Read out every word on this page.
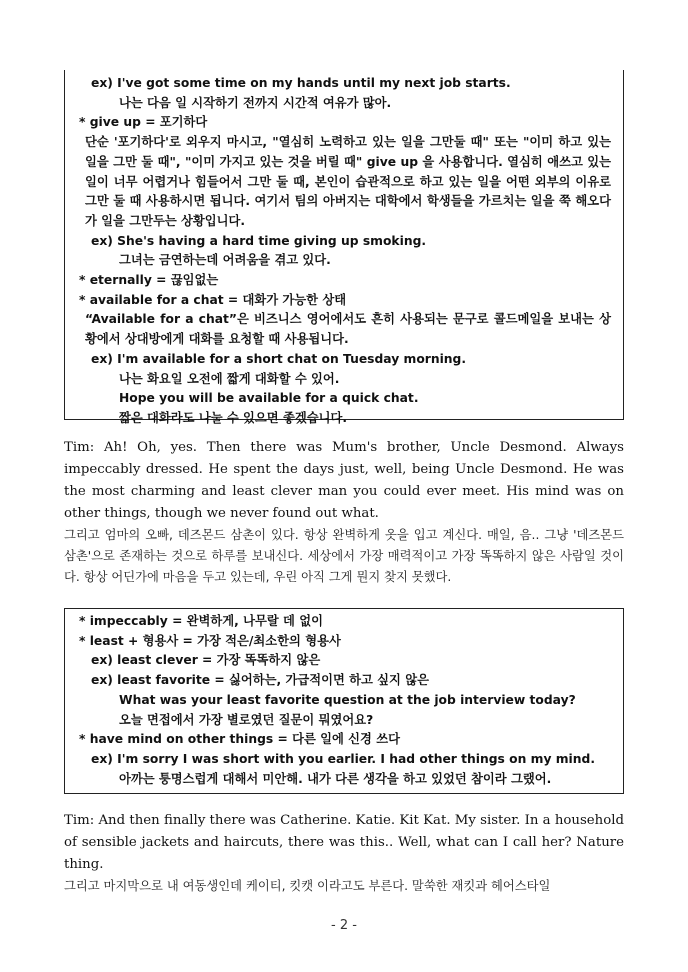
ex) I've got some time on my hands until my next job starts.
나는 다음 일 시작하기 전까지 시간적 여유가 많아.
* give up = 포기하다
단순 '포기하다'로 외우지 마시고, "열심히 노력하고 있는 일을 그만둘 때" 또는 "이미 하고 있는 일을 그만 둘 때", "이미 가지고 있는 것을 버릴 때" give up 을 사용합니다. 열심히 애쓰고 있는 일이 너무 어렵거나 힘들어서 그만 둘 때, 본인이 습관적으로 하고 있는 일을 어떤 외부의 이유로 그만 둘 때 사용하시면 됩니다. 여기서 팀의 아버지는 대학에서 학생들을 가르치는 일을 쭉 해오다가 일을 그만두는 상황입니다.
ex) She's having a hard time giving up smoking.
그녀는 금연하는데 어려움을 겪고 있다.
* eternally = 끊임없는
* available for a chat = 대화가 가능한 상태
“Available for a chat”은 비즈니스 영어에서도 흔히 사용되는 문구로 콜드메일을 보내는 상황에서 상대방에게 대화를 요청할 때 사용됩니다.
ex) I'm available for a short chat on Tuesday morning.
나는 화요일 오전에 짧게 대화할 수 있어.
Hope you will be available for a quick chat.
짧은 대화라도 나눌 수 있으면 좋겠습니다.
Tim: Ah! Oh, yes. Then there was Mum's brother, Uncle Desmond. Always impeccably dressed. He spent the days just, well, being Uncle Desmond. He was the most charming and least clever man you could ever meet. His mind was on other things, though we never found out what.
그리고 엄마의 오빠, 데즈몬드 삼촌이 있다. 항상 완벽하게 옷을 입고 계신다. 매일, 음.. 그냥 '데즈몬드 삼촌'으로 존재하는 것으로 하루를 보내신다. 세상에서 가장 매력적이고 가장 똑똑하지 않은 사람일 것이다. 항상 어딘가에 마음을 두고 있는데, 우린 아직 그게 뭔지 찾지 못했다.
* impeccably = 완벽하게, 나무랄 데 없이
* least + 형용사 = 가장 적은/최소한의 형용사
ex) least clever = 가장 똑똑하지 않은
ex) least favorite = 싫어하는, 가급적이면 하고 싶지 않은
What was your least favorite question at the job interview today?
오늘 면접에서 가장 별로였던 질문이 뭐였어요?
* have mind on other things = 다른 일에 신경 쓰다
ex) I'm sorry I was short with you earlier. I had other things on my mind.
아까는 퉁명스럽게 대해서 미안해. 내가 다른 생각을 하고 있었던 참이라 그랬어.
Tim: And then finally there was Catherine. Katie. Kit Kat. My sister. In a household of sensible jackets and haircuts, there was this.. Well, what can I call her? Nature thing.
그리고 마지막으로 내 여동생인데 케이티, 킷캣 이라고도 부른다. 말쑥한 재킷과 헤어스타일
- 2 -
